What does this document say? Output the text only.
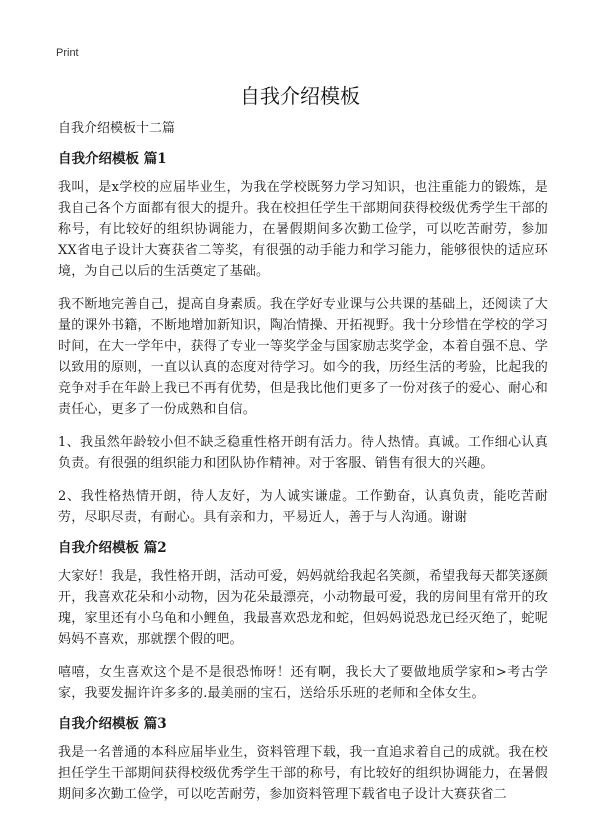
Print
自我介绍模板

自我介绍模板十二篇

自我介绍模板 篇1

我叫，是x学校的应届毕业生，为我在学校既努力学习知识，也注重能力的锻炼，是我自己各个方面都有很大的提升。我在校担任学生干部期间获得校级优秀学生干部的称号，有比较好的组织协调能力，在暑假期间多次勤工俭学，可以吃苦耐劳，参加XX省电子设计大赛获省二等奖，有很强的动手能力和学习能力，能够很快的适应环境，为自己以后的生活奠定了基础。

我不断地完善自己，提高自身素质。我在学好专业课与公共课的基础上，还阅读了大量的课外书籍，不断地增加新知识，陶冶情操、开拓视野。我十分珍惜在学校的学习时间，在大一学年中，获得了专业一等奖学金与国家励志奖学金，本着自强不息、学以致用的原则，一直以认真的态度对待学习。如今的我，历经生活的考验，比起我的竞争对手在年龄上我已不再有优势，但是我比他们更多了一份对孩子的爱心、耐心和责任心，更多了一份成熟和自信。

1、我虽然年龄较小但不缺乏稳重性格开朗有活力。待人热情。真诚。工作细心认真负责。有很强的组织能力和团队协作精神。对于客服、销售有很大的兴趣。

2、我性格热情开朗，待人友好，为人诚实谦虚。工作勤奋，认真负责，能吃苦耐劳，尽职尽责，有耐心。具有亲和力，平易近人，善于与人沟通。谢谢

自我介绍模板 篇2

大家好！我是，我性格开朗，活动可爱，妈妈就给我起名笑颜，希望我每天都笑逐颜开，我喜欢花朵和小动物，因为花朵最漂亮，小动物最可爱，我的房间里有常开的玫瑰，家里还有小乌龟和小鲤鱼，我最喜欢恐龙和蛇，但妈妈说恐龙已经灭绝了，蛇呢妈妈不喜欢，那就摆个假的吧。

嘻嘻，女生喜欢这个是不是很恐怖呀！还有啊，我长大了要做地质学家和>考古学家，我要发掘许许多多的.最美丽的宝石，送给乐乐班的老师和全体女生。

自我介绍模板 篇3

我是一名普通的本科应届毕业生，资料管理下载，我一直追求着自己的成就。我在校担任学生干部期间获得校级优秀学生干部的称号，有比较好的组织协调能力，在暑假期间多次勤工俭学，可以吃苦耐劳，参加资料管理下载省电子设计大赛获省二
